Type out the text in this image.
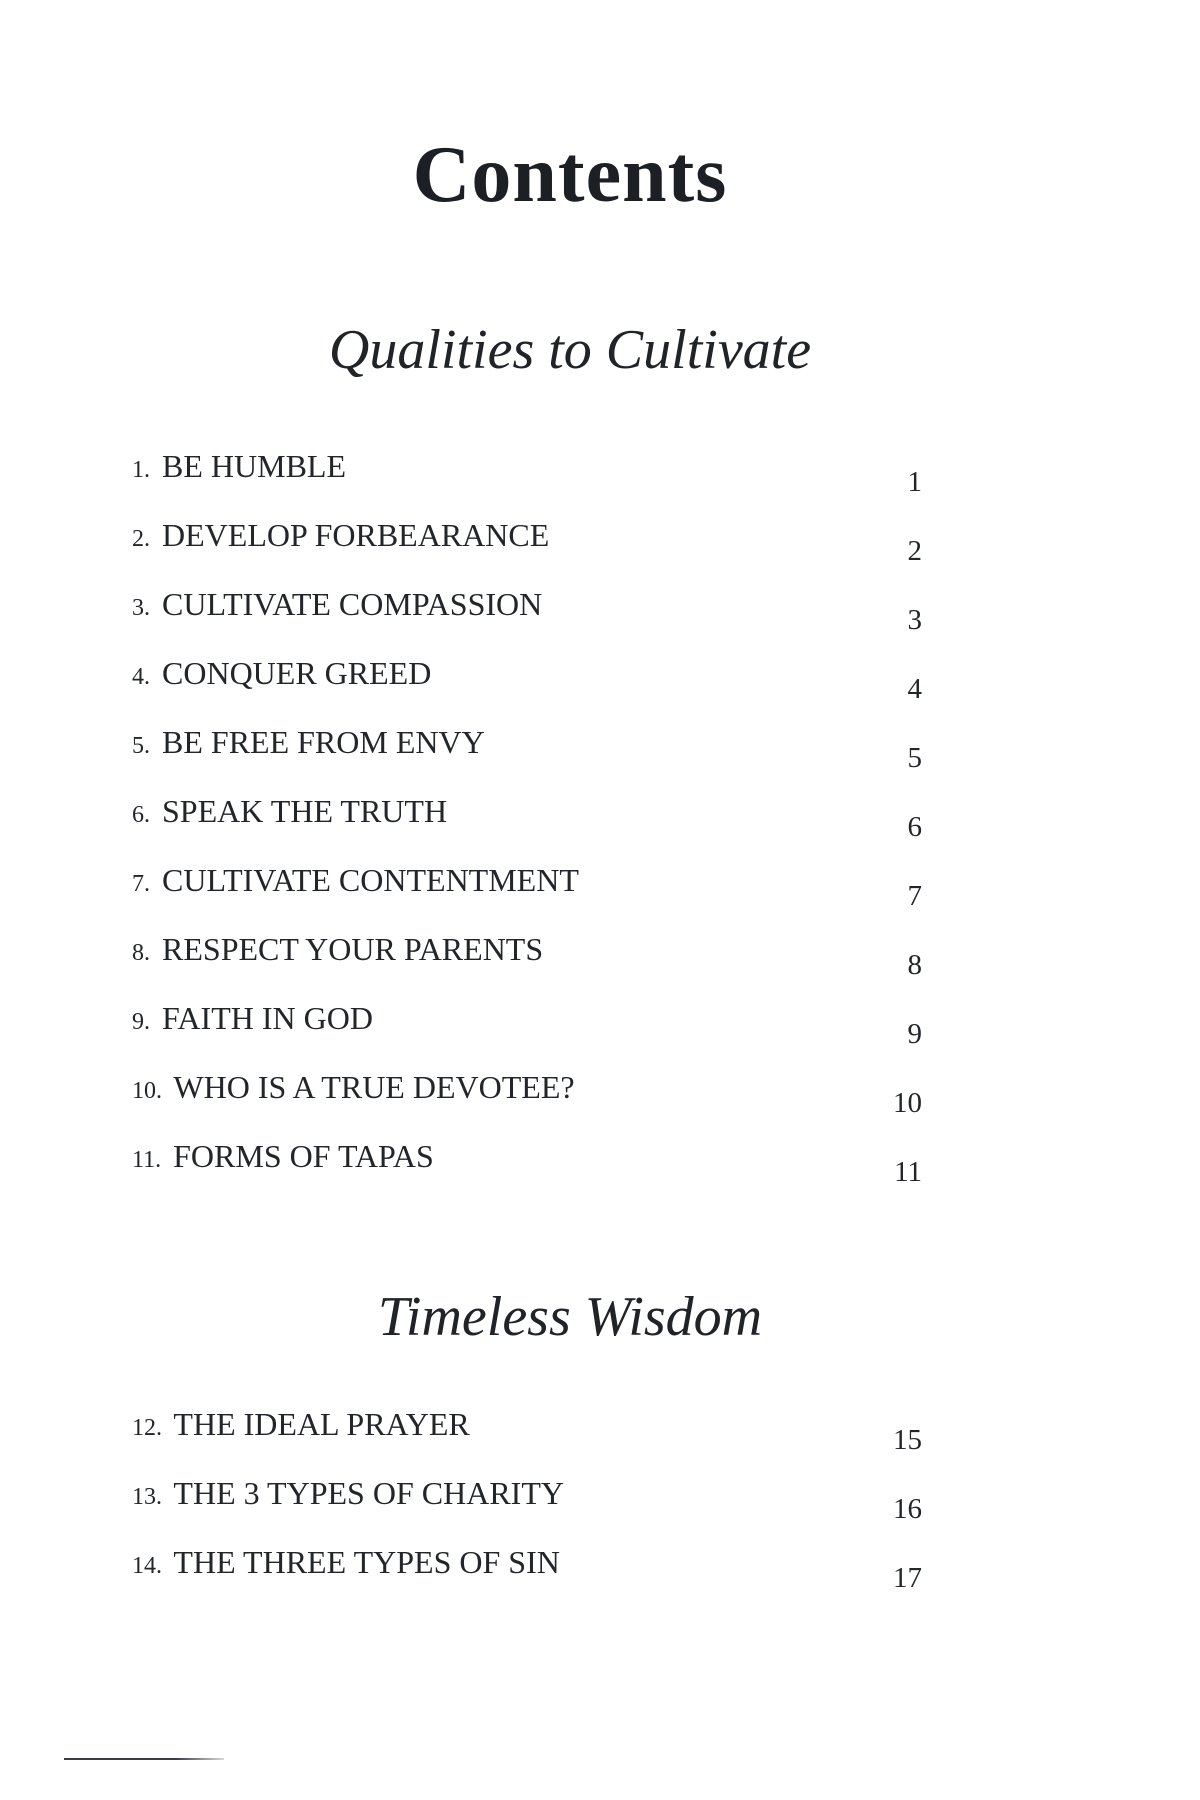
Contents
Qualities to Cultivate
1. BE HUMBLE	1
2. DEVELOP FORBEARANCE	2
3. CULTIVATE COMPASSION	3
4. CONQUER GREED	4
5. BE FREE FROM ENVY	5
6. SPEAK THE TRUTH	6
7. CULTIVATE CONTENTMENT	7
8. RESPECT YOUR PARENTS	8
9. FAITH IN GOD	9
10. WHO IS A TRUE DEVOTEE?	10
11. FORMS OF TAPAS	11
Timeless Wisdom
12. THE IDEAL PRAYER	15
13. THE 3 TYPES OF CHARITY	16
14. THE THREE TYPES OF SIN	17
